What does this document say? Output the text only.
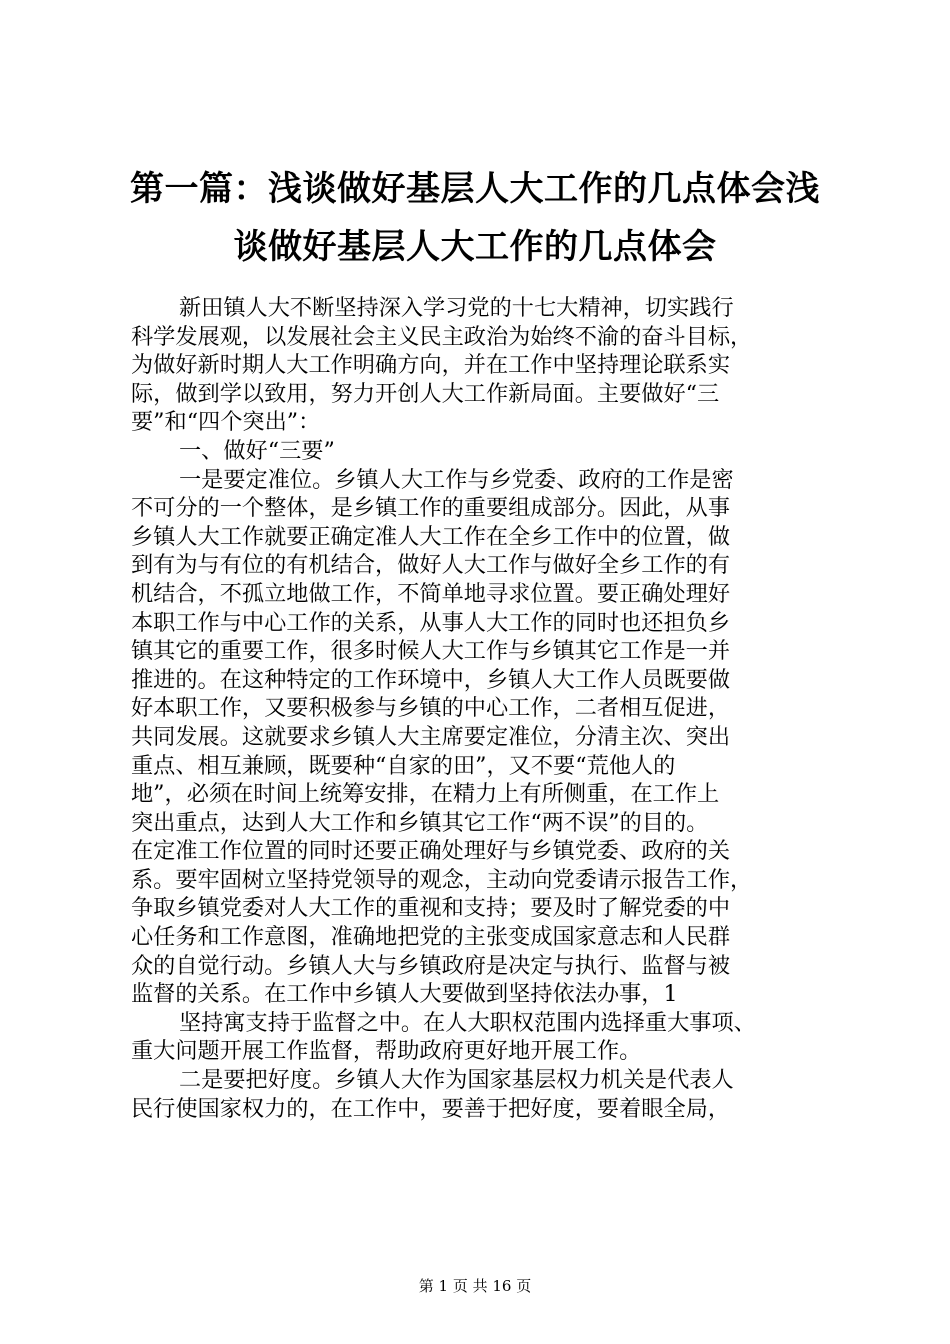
第一篇：浅谈做好基层人大工作的几点体会浅
谈做好基层人大工作的几点体会

新田镇人大不断坚持深入学习党的十七大精神，切实践行
科学发展观，以发展社会主义民主政治为始终不渝的奋斗目标，
为做好新时期人大工作明确方向，并在工作中坚持理论联系实
际，做到学以致用，努力开创人大工作新局面。主要做好“三
要”和“四个突出”：

一、做好“三要”

一是要定准位。乡镇人大工作与乡党委、政府的工作是密
不可分的一个整体，是乡镇工作的重要组成部分。因此，从事
乡镇人大工作就要正确定准人大工作在全乡工作中的位置，做
到有为与有位的有机结合，做好人大工作与做好全乡工作的有
机结合，不孤立地做工作，不简单地寻求位置。要正确处理好
本职工作与中心工作的关系，从事人大工作的同时也还担负乡
镇其它的重要工作，很多时候人大工作与乡镇其它工作是一并
推进的。在这种特定的工作环境中，乡镇人大工作人员既要做
好本职工作，又要积极参与乡镇的中心工作，二者相互促进，
共同发展。这就要求乡镇人大主席要定准位，分清主次、突出
重点、相互兼顾，既要种“自家的田”，又不要“荒他人的
地”，必须在时间上统筹安排，在精力上有所侧重，在工作上
突出重点，达到人大工作和乡镇其它工作“两不误”的目的。
在定准工作位置的同时还要正确处理好与乡镇党委、政府的关
系。要牢固树立坚持党领导的观念，主动向党委请示报告工作，
争取乡镇党委对人大工作的重视和支持；要及时了解党委的中
心任务和工作意图，准确地把党的主张变成国家意志和人民群
众的自觉行动。乡镇人大与乡镇政府是决定与执行、监督与被
监督的关系。在工作中乡镇人大要做到坚持依法办事，1

坚持寓支持于监督之中。在人大职权范围内选择重大事项、
重大问题开展工作监督，帮助政府更好地开展工作。

二是要把好度。乡镇人大作为国家基层权力机关是代表人
民行使国家权力的，在工作中，要善于把好度，要着眼全局，

第 1 页 共 16 页
